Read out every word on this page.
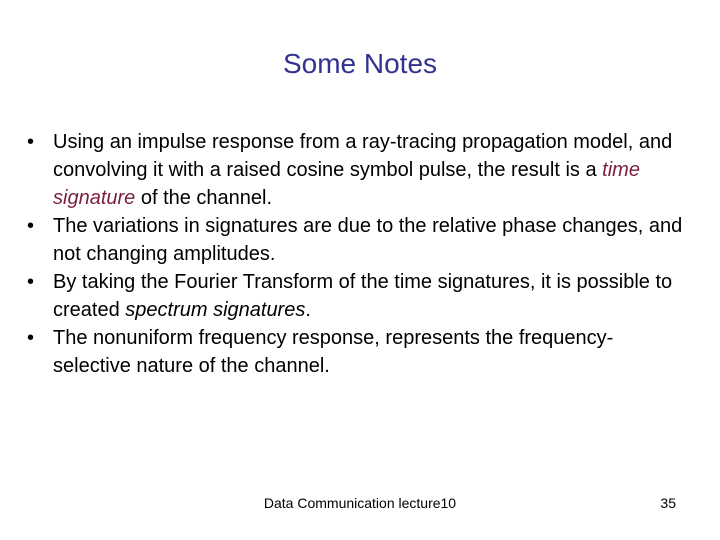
Some Notes
• Using an impulse response from a ray-tracing propagation model, and convolving it with a raised cosine symbol pulse, the result is a time signature of the channel.
• The variations in signatures are due to the relative phase changes, and not changing amplitudes.
• By taking the Fourier Transform of the time signatures, it is possible to created spectrum signatures.
• The nonuniform frequency response, represents the frequency-selective nature of the channel.
Data Communication lecture10	35
